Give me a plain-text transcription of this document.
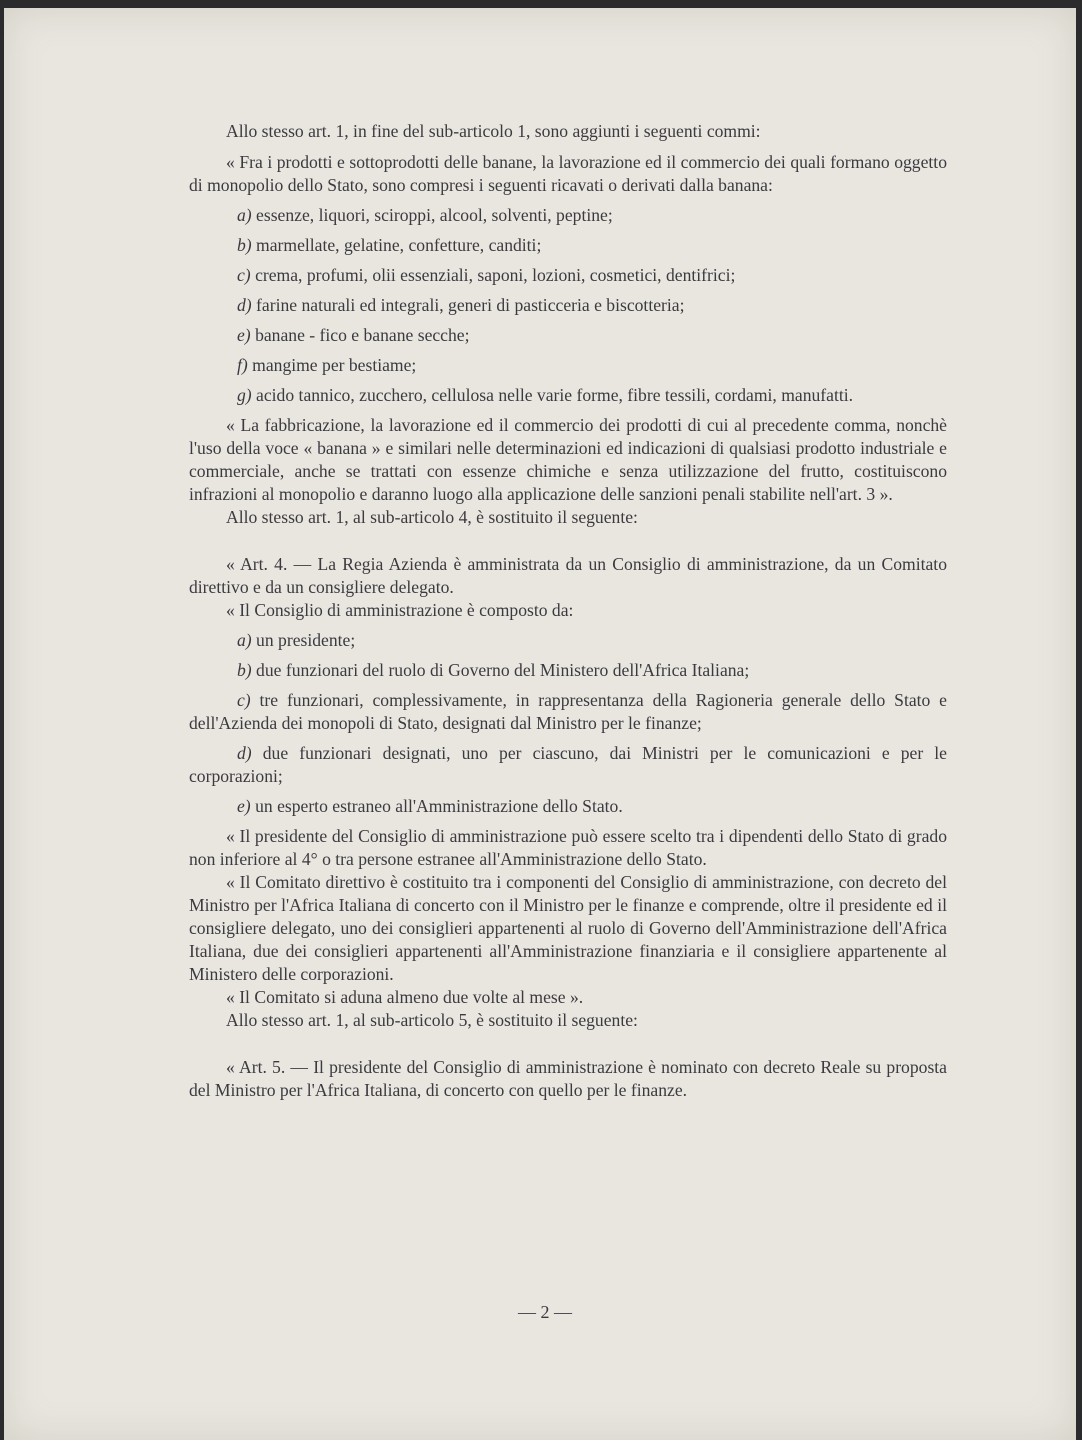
Allo stesso art. 1, in fine del sub-articolo 1, sono aggiunti i seguenti commi:

« Fra i prodotti e sottoprodotti delle banane, la lavorazione ed il commercio dei quali formano oggetto di monopolio dello Stato, sono compresi i seguenti ricavati o derivati dalla banana:

a) essenze, liquori, sciroppi, alcool, solventi, peptine;

b) marmellate, gelatine, confetture, canditi;

c) crema, profumi, olii essenziali, saponi, lozioni, cosmetici, dentifrici;

d) farine naturali ed integrali, generi di pasticceria e biscotteria;

e) banane - fico e banane secche;

f) mangime per bestiame;

g) acido tannico, zucchero, cellulosa nelle varie forme, fibre tessili, cordami, manufatti.

« La fabbricazione, la lavorazione ed il commercio dei prodotti di cui al precedente comma, nonchè l'uso della voce « banana » e similari nelle determinazioni ed indicazioni di qualsiasi prodotto industriale e commerciale, anche se trattati con essenze chimiche e senza utilizzazione del frutto, costituiscono infrazioni al monopolio e daranno luogo alla applicazione delle sanzioni penali stabilite nell'art. 3 ».

Allo stesso art. 1, al sub-articolo 4, è sostituito il seguente:

« Art. 4. — La Regia Azienda è amministrata da un Consiglio di amministrazione, da un Comitato direttivo e da un consigliere delegato.

« Il Consiglio di amministrazione è composto da:

a) un presidente;

b) due funzionari del ruolo di Governo del Ministero dell'Africa Italiana;

c) tre funzionari, complessivamente, in rappresentanza della Ragioneria generale dello Stato e dell'Azienda dei monopoli di Stato, designati dal Ministro per le finanze;

d) due funzionari designati, uno per ciascuno, dai Ministri per le comunicazioni e per le corporazioni;

e) un esperto estraneo all'Amministrazione dello Stato.

« Il presidente del Consiglio di amministrazione può essere scelto tra i dipendenti dello Stato di grado non inferiore al 4° o tra persone estranee all'Amministrazione dello Stato.

« Il Comitato direttivo è costituito tra i componenti del Consiglio di amministrazione, con decreto del Ministro per l'Africa Italiana di concerto con il Ministro per le finanze e comprende, oltre il presidente ed il consigliere delegato, uno dei consiglieri appartenenti al ruolo di Governo dell'Amministrazione dell'Africa Italiana, due dei consiglieri appartenenti all'Amministrazione finanziaria e il consigliere appartenente al Ministero delle corporazioni.

« Il Comitato si aduna almeno due volte al mese ».

Allo stesso art. 1, al sub-articolo 5, è sostituito il seguente:

« Art. 5. — Il presidente del Consiglio di amministrazione è nominato con decreto Reale su proposta del Ministro per l'Africa Italiana, di concerto con quello per le finanze.

— 2 —
